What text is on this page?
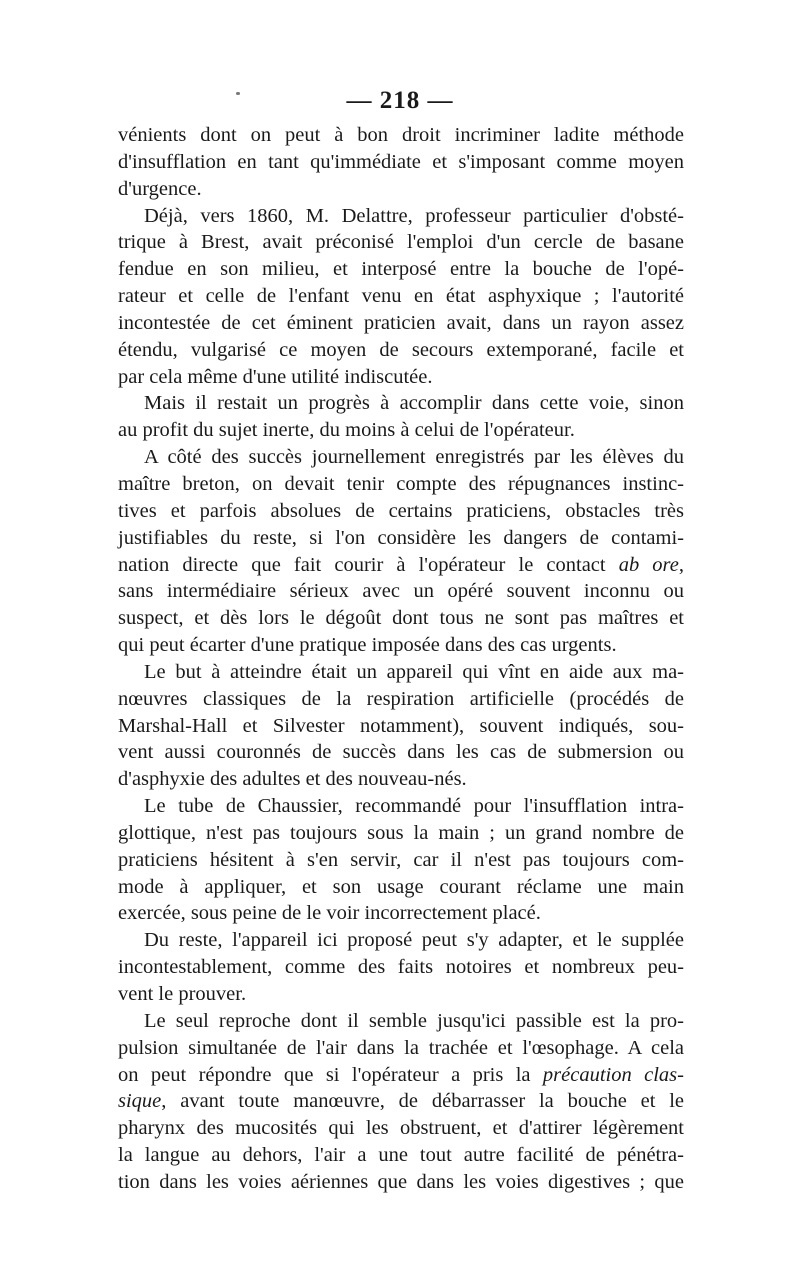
— 218 —
vénients dont on peut à bon droit incriminer ladite méthode
d'insufflation en tant qu'immédiate et s'imposant comme moyen
d'urgence.
Déjà, vers 1860, M. Delattre, professeur particulier d'obsté-
trique à Brest, avait préconisé l'emploi d'un cercle de basane
fendue en son milieu, et interposé entre la bouche de l'opé-
rateur et celle de l'enfant venu en état asphyxique ; l'autorité
incontestée de cet éminent praticien avait, dans un rayon assez
étendu, vulgarisé ce moyen de secours extemporané, facile et
par cela même d'une utilité indiscutée.
Mais il restait un progrès à accomplir dans cette voie, sinon
au profit du sujet inerte, du moins à celui de l'opérateur.
A côté des succès journellement enregistrés par les élèves du
maître breton, on devait tenir compte des répugnances instinc-
tives et parfois absolues de certains praticiens, obstacles très
justifiables du reste, si l'on considère les dangers de contami-
nation directe que fait courir à l'opérateur le contact ab ore,
sans intermédiaire sérieux avec un opéré souvent inconnu ou
suspect, et dès lors le dégoût dont tous ne sont pas maîtres et
qui peut écarter d'une pratique imposée dans des cas urgents.
Le but à atteindre était un appareil qui vînt en aide aux ma-
nœuvres classiques de la respiration artificielle (procédés de
Marshal-Hall et Silvester notamment), souvent indiqués, sou-
vent aussi couronnés de succès dans les cas de submersion ou
d'asphyxie des adultes et des nouveau-nés.
Le tube de Chaussier, recommandé pour l'insufflation intra-
glottique, n'est pas toujours sous la main ; un grand nombre de
praticiens hésitent à s'en servir, car il n'est pas toujours com-
mode à appliquer, et son usage courant réclame une main
exercée, sous peine de le voir incorrectement placé.
Du reste, l'appareil ici proposé peut s'y adapter, et le supplée
incontestablement, comme des faits notoires et nombreux peu-
vent le prouver.
Le seul reproche dont il semble jusqu'ici passible est la pro-
pulsion simultanée de l'air dans la trachée et l'œsophage. A cela
on peut répondre que si l'opérateur a pris la précaution clas-
sique, avant toute manœuvre, de débarrasser la bouche et le
pharynx des mucosités qui les obstruent, et d'attirer légèrement
la langue au dehors, l'air a une tout autre facilité de pénétra-
tion dans les voies aériennes que dans les voies digestives ; que
